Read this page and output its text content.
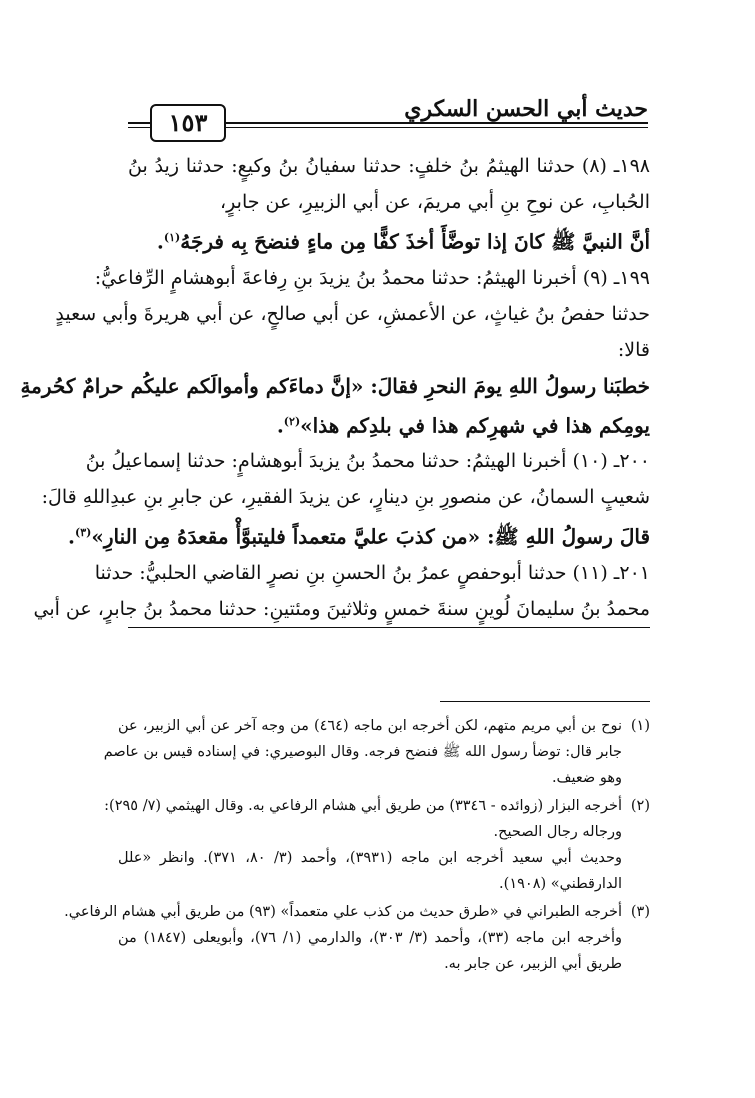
١٥٣	حديث أبي الحسن السكري
١٩٨ـ (٨) حدثنا الهيثمُ بنُ خلفٍ: حدثنا سفيانُ بنُ وكيعٍ: حدثنا زيدُ بنُ
الحُبابِ، عن نوحِ بنِ أبي مريمَ، عن أبي الزبيرِ، عن جابرٍ،
أنَّ النبيَّ ﷺ كانَ إذا توضَّأَ أخذَ كفًّا مِن ماءٍ فنضحَ بِه فرجَهُ$^{(١)}$.
١٩٩ـ (٩) أخبرنا الهيثمُ: حدثنا محمدُ بنُ يزيدَ بنِ رِفاعةَ أبوهشامٍ الرِّفاعيُّ:
حدثنا حفصُ بنُ غياثٍ، عن الأعمشِ، عن أبي صالحٍ، عن أبي هريرةَ وأبي سعيدٍ
قالا:
خطبَنا رسولُ اللهِ يومَ النحرِ فقالَ: «إنَّ دماءَكم وأموالَكم عليكُم حرامٌ كحُرمةِ
يومِكم هذا في شهرِكم هذا في بلدِكم هذا»$^{(٢)}$.
٢٠٠ـ (١٠) أخبرنا الهيثمُ: حدثنا محمدُ بنُ يزيدَ أبوهشامٍ: حدثنا إسماعيلُ بنُ
شعيبٍ السمانُ، عن منصورِ بنِ دينارٍ، عن يزيدَ الفقيرِ، عن جابرِ بنِ عبدِاللهِ قالَ:
قالَ رسولُ اللهِ ﷺ: «من كذبَ عليَّ متعمداً فليتبوَّأْ مقعدَهُ مِن النارِ»$^{(٣)}$.
٢٠١ـ (١١) حدثنا أبوحفصٍ عمرُ بنُ الحسنِ بنِ نصرٍ القاضي الحلبيُّ: حدثنا
محمدُ بنُ سليمانَ لُوينٍ سنةَ خمسٍ وثلاثينَ ومئتينِ: حدثنا محمدُ بنُ جابرٍ، عن أبي
(١)نوح بن أبي مريم متهم، لكن أخرجه ابن ماجه (٤٦٤) من وجه آخر عن أبي الزبير، عن
جابر قال: توضأ رسول الله ﷺ فنضح فرجه. وقال البوصيري: في إسناده قيس بن عاصم
وهو ضعيف.
(٢)أخرجه البزار (زوائده - ٣٣٤٦) من طريق أبي هشام الرفاعي به. وقال الهيثمي (٧/ ٢٩٥):
ورجاله رجال الصحيح.
وحديث أبي سعيد أخرجه ابن ماجه (٣٩٣١)، وأحمد (٣/ ٨٠، ٣٧١). وانظر «علل
الدارقطني» (١٩٠٨).
(٣)أخرجه الطبراني في «طرق حديث من كذب علي متعمداً» (٩٣) من طريق أبي هشام الرفاعي.
وأخرجه ابن ماجه (٣٣)، وأحمد (٣/ ٣٠٣)، والدارمي (١/ ٧٦)، وأبويعلى (١٨٤٧) من
طريق أبي الزبير، عن جابر به.
